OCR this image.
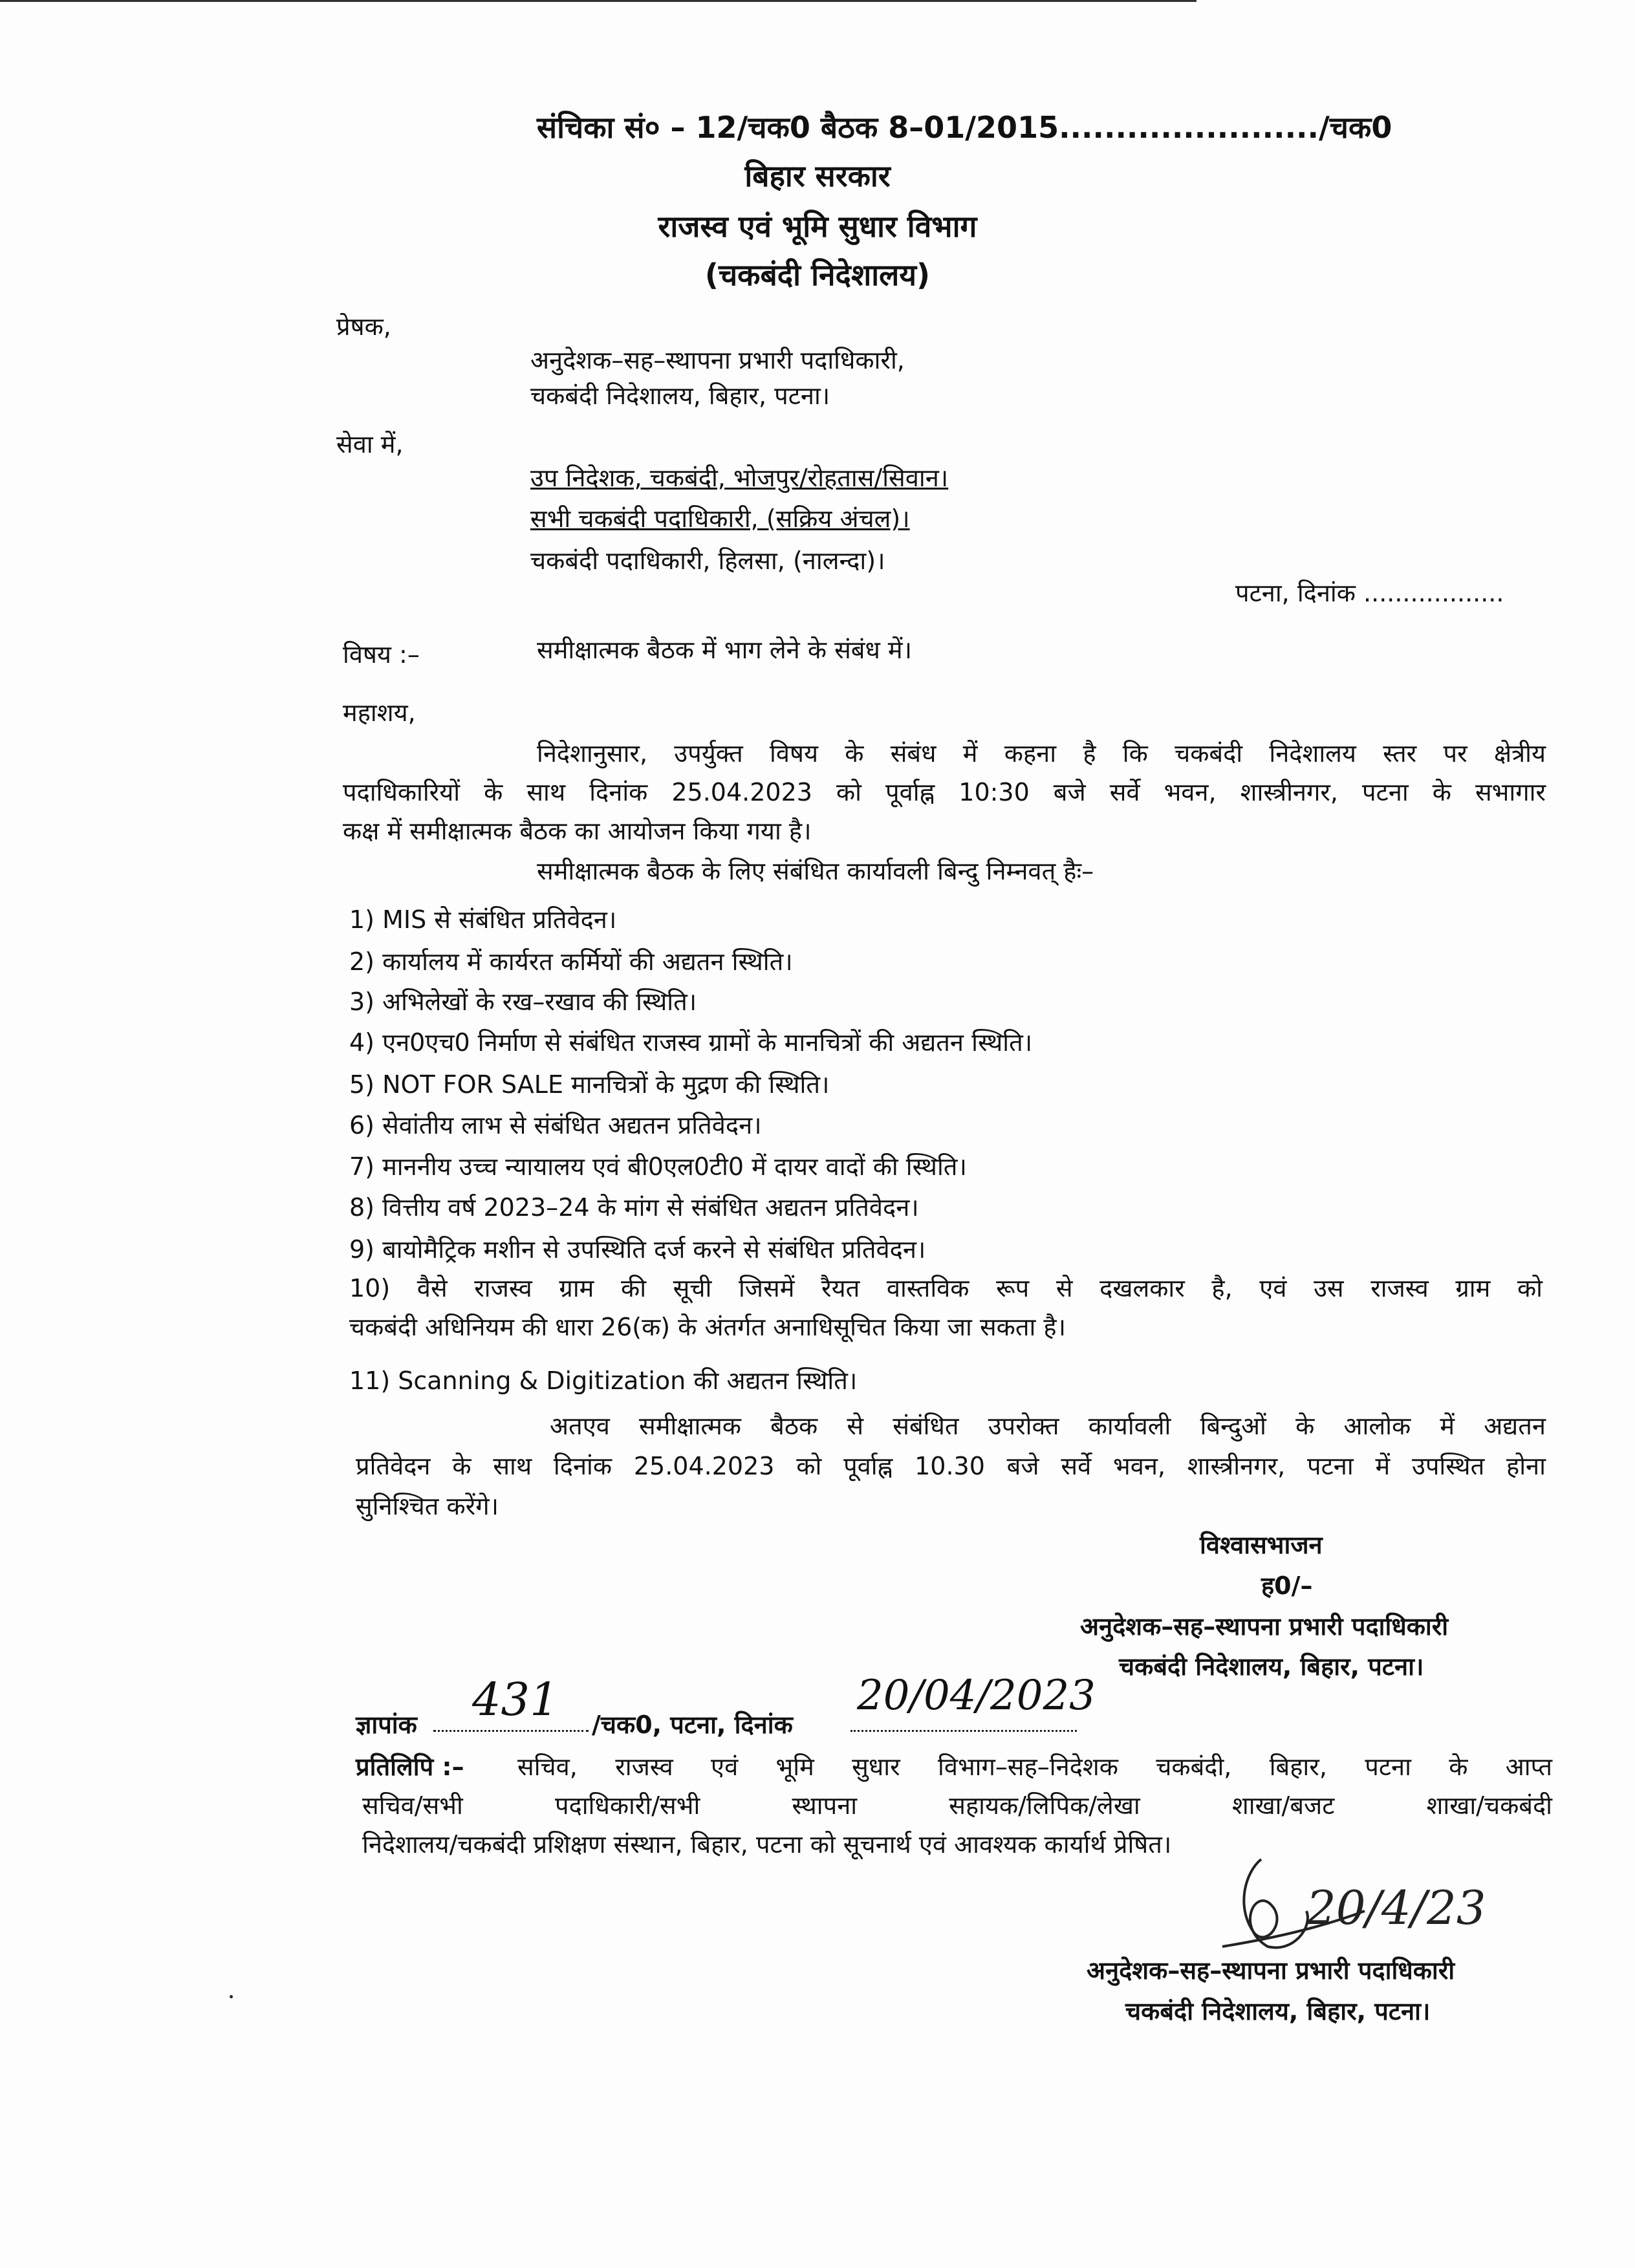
संचिका सं० – 12/चक0 बैठक 8–01/2015......................./चक0
बिहार सरकार
राजस्व एवं भूमि सुधार विभाग
(चकबंदी निदेशालय)
प्रेषक,
अनुदेशक–सह–स्थापना प्रभारी पदाधिकारी,
चकबंदी निदेशालय, बिहार, पटना।
सेवा में,
उप निदेशक, चकबंदी, भोजपुर/रोहतास/सिवान।
सभी चकबंदी पदाधिकारी, (सक्रिय अंचल)।
चकबंदी पदाधिकारी, हिलसा, (नालन्दा)।
पटना, दिनांक ..................
विषय :–	समीक्षात्मक बैठक में भाग लेने के संबंध में।
महाशय,
निदेशानुसार, उपर्युक्त विषय के संबंध में कहना है कि चकबंदी निदेशालय स्तर पर क्षेत्रीय
पदाधिकारियों के साथ दिनांक 25.04.2023 को पूर्वाह्न 10:30 बजे सर्वे भवन, शास्त्रीनगर, पटना के सभागार
कक्ष में समीक्षात्मक बैठक का आयोजन किया गया है।
समीक्षात्मक बैठक के लिए संबंधित कार्यावली बिन्दु निम्नवत् हैः–
1) MIS से संबंधित प्रतिवेदन।
2) कार्यालय में कार्यरत कर्मियों की अद्यतन स्थिति।
3) अभिलेखों के रख–रखाव की स्थिति।
4) एन0एच0 निर्माण से संबंधित राजस्व ग्रामों के मानचित्रों की अद्यतन स्थिति।
5) NOT FOR SALE मानचित्रों के मुद्रण की स्थिति।
6) सेवांतीय लाभ से संबंधित अद्यतन प्रतिवेदन।
7) माननीय उच्च न्यायालय एवं बी0एल0टी0 में दायर वादों की स्थिति।
8) वित्तीय वर्ष 2023–24 के मांग से संबंधित अद्यतन प्रतिवेदन।
9) बायोमैट्रिक मशीन से उपस्थिति दर्ज करने से संबंधित प्रतिवेदन।
10) वैसे राजस्व ग्राम की सूची जिसमें रैयत वास्तविक रूप से दखलकार है, एवं उस राजस्व ग्राम को
चकबंदी अधिनियम की धारा 26(क) के अंतर्गत अनाधिसूचित किया जा सकता है।
11) Scanning & Digitization की अद्यतन स्थिति।
अतएव समीक्षात्मक बैठक से संबंधित उपरोक्त कार्यावली बिन्दुओं के आलोक में अद्यतन
प्रतिवेदन के साथ दिनांक 25.04.2023 को पूर्वाह्न 10.30 बजे सर्वे भवन, शास्त्रीनगर, पटना में उपस्थित होना
सुनिश्चित करेंगे।
विश्वासभाजन
ह0/–
अनुदेशक–सह–स्थापना प्रभारी पदाधिकारी
चकबंदी निदेशालय, बिहार, पटना।
ज्ञापांक 431 /चक0, पटना, दिनांक
20/04/2023
प्रतिलिपि :– सचिव, राजस्व एवं भूमि सुधार विभाग–सह–निदेशक चकबंदी, बिहार, पटना के आप्त
सचिव/सभी पदाधिकारी/सभी स्थापना सहायक/लिपिक/लेखा शाखा/बजट शाखा/चकबंदी
निदेशालय/चकबंदी प्रशिक्षण संस्थान, बिहार, पटना को सूचनार्थ एवं आवश्यक कार्यार्थ प्रेषित।
20/4/23
अनुदेशक–सह–स्थापना प्रभारी पदाधिकारी
चकबंदी निदेशालय, बिहार, पटना।
